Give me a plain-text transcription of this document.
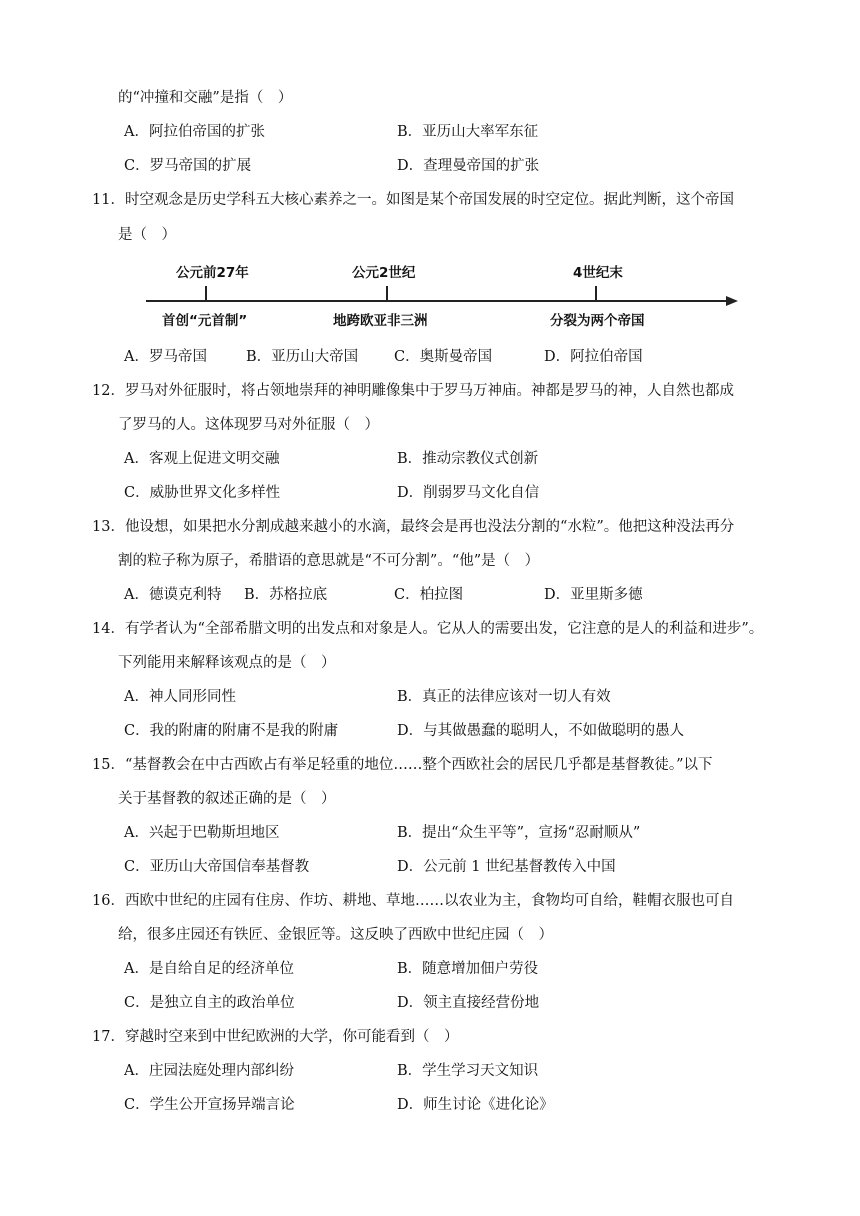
的“冲撞和交融”是指（　）
A．阿拉伯帝国的扩张	B．亚历山大率军东征
C．罗马帝国的扩展	D．查理曼帝国的扩张
11．时空观念是历史学科五大核心素养之一。如图是某个帝国发展的时空定位。据此判断，这个帝国
是（　）
公元前27年	公元2世纪	4世纪末
首创“元首制”	地跨欧亚非三洲	分裂为两个帝国
A．罗马帝国	B．亚历山大帝国 C．奥斯曼帝国	D．阿拉伯帝国
12．罗马对外征服时，将占领地崇拜的神明雕像集中于罗马万神庙。神都是罗马的神，人自然也都成
了罗马的人。这体现罗马对外征服（　）
A．客观上促进文明交融	B．推动宗教仪式创新
C．威胁世界文化多样性	D．削弱罗马文化自信
13．他设想，如果把水分割成越来越小的水滴，最终会是再也没法分割的“水粒”。他把这种没法再分
割的粒子称为原子，希腊语的意思就是“不可分割”。“他”是（　）
A．德谟克利特 B．苏格拉底	C．柏拉图	D．亚里斯多德
14．有学者认为“全部希腊文明的出发点和对象是人。它从人的需要出发，它注意的是人的利益和进步”。
下列能用来解释该观点的是（　）
A．神人同形同性	B．真正的法律应该对一切人有效
C．我的附庸的附庸不是我的附庸	D．与其做愚蠢的聪明人，不如做聪明的愚人
15．“基督教会在中古西欧占有举足轻重的地位……整个西欧社会的居民几乎都是基督教徒。”以下
关于基督教的叙述正确的是（　）
A．兴起于巴勒斯坦地区	B．提出“众生平等”，宣扬“忍耐顺从”
C．亚历山大帝国信奉基督教	D．公元前 1 世纪基督教传入中国
16．西欧中世纪的庄园有住房、作坊、耕地、草地……以农业为主，食物均可自给，鞋帽衣服也可自
给，很多庄园还有铁匠、金银匠等。这反映了西欧中世纪庄园（　）
A．是自给自足的经济单位	B．随意增加佃户劳役
C．是独立自主的政治单位	D．领主直接经营份地
17．穿越时空来到中世纪欧洲的大学，你可能看到（　）
A．庄园法庭处理内部纠纷	B．学生学习天文知识
C．学生公开宣扬异端言论	D．师生讨论《进化论》
